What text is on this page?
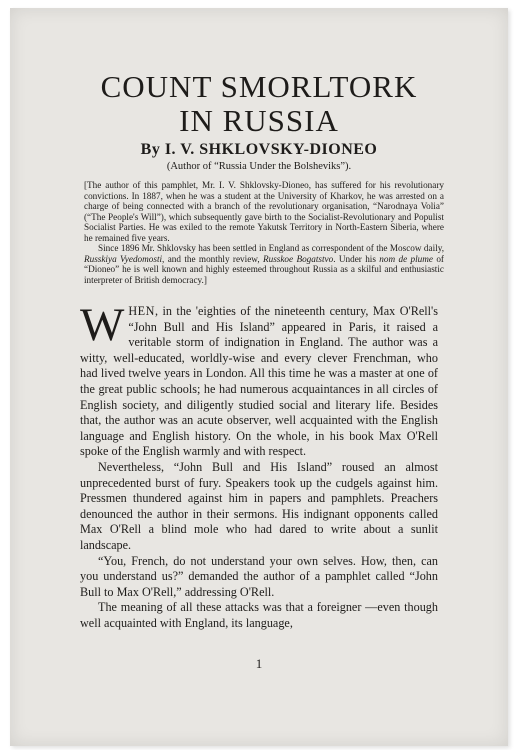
COUNT SMORLTORK
IN RUSSIA
By I. V. SHKLOVSKY-DIONEO
(Author of “Russia Under the Bolsheviks”).

[The author of this pamphlet, Mr. I. V. Shklovsky-Dioneo, has suffered for his revolutionary convictions. In 1887, when he was a student at the University of Kharkov, he was arrested on a charge of being connected with a branch of the revolutionary organisation, “Narodnaya Volia” (“The People's Will”), which subsequently gave birth to the Socialist-Revolutionary and Populist Socialist Parties. He was exiled to the remote Yakutsk Territory in North-Eastern Siberia, where he remained five years.

Since 1896 Mr. Shklovsky has been settled in England as correspondent of the Moscow daily, Russkiya Vyedomosti, and the monthly review, Russkoe Bogatstvo. Under his nom de plume of “Dioneo” he is well known and highly esteemed throughout Russia as a skilful and enthusiastic interpreter of British democracy.]

WHEN, in the 'eighties of the nineteenth century, Max O'Rell's “John Bull and His Island” appeared in Paris, it raised a veritable storm of indignation in England. The author was a witty, well-educated, worldly-wise and every clever Frenchman, who had lived twelve years in London. All this time he was a master at one of the great public schools; he had numerous acquaintances in all circles of English society, and diligently studied social and literary life. Besides that, the author was an acute observer, well acquainted with the English language and English history. On the whole, in his book Max O'Rell spoke of the English warmly and with respect.

Nevertheless, “John Bull and His Island” roused an almost unprecedented burst of fury. Speakers took up the cudgels against him. Pressmen thundered against him in papers and pamphlets. Preachers denounced the author in their sermons. His indignant opponents called Max O'Rell a blind mole who had dared to write about a sunlit landscape.

“You, French, do not understand your own selves. How, then, can you understand us?” demanded the author of a pamphlet called “John Bull to Max O'Rell,” addressing O'Rell.

The meaning of all these attacks was that a foreigner —even though well acquainted with England, its language,

1
